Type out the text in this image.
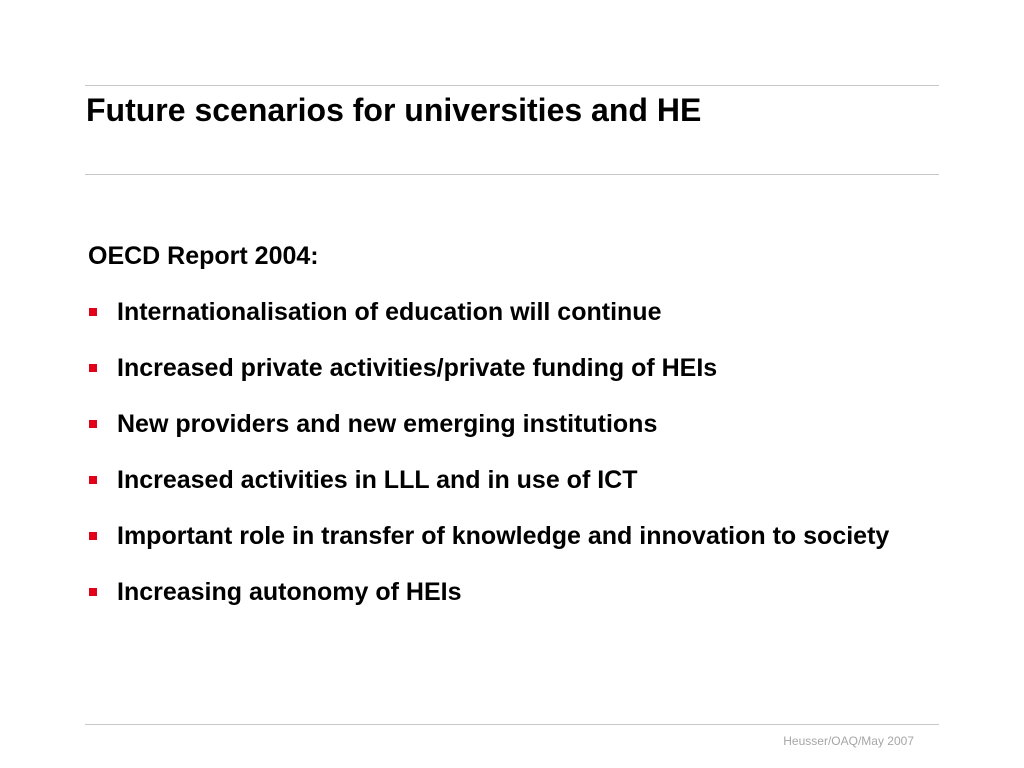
Future scenarios for universities and HE

OECD Report 2004:

Internationalisation of education will continue
Increased private activities/private funding of HEIs
New providers and new emerging institutions
Increased activities in LLL and in use of ICT
Important role in transfer of knowledge and innovation to society
Increasing autonomy of HEIs

Heusser/OAQ/May 2007
